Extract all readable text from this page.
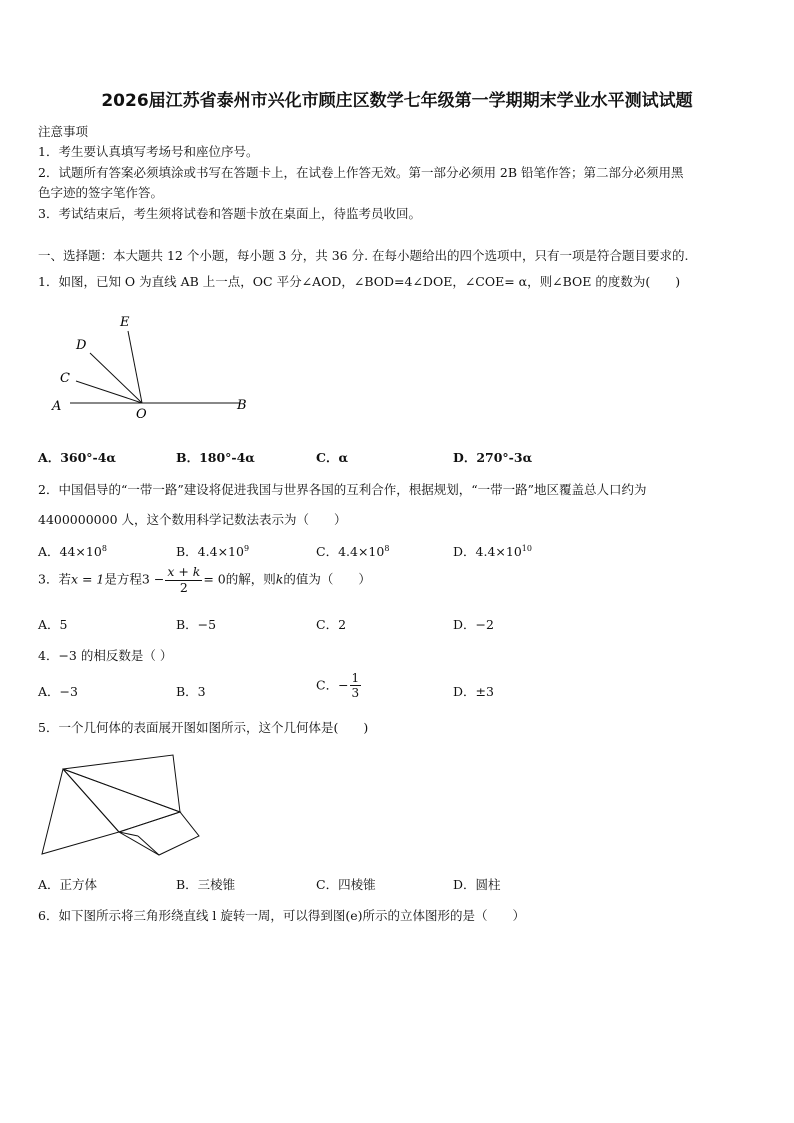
2026届江苏省泰州市兴化市顾庄区数学七年级第一学期期末学业水平测试试题
注意事项
1．考生要认真填写考场号和座位序号。
2．试题所有答案必须填涂或书写在答题卡上，在试卷上作答无效。第一部分必须用 2B 铅笔作答；第二部分必须用黑
色字迹的签字笔作答。
3．考试结束后，考生须将试卷和答题卡放在桌面上，待监考员收回。
一、选择题：本大题共 12 个小题，每小题 3 分，共 36 分. 在每小题给出的四个选项中，只有一项是符合题目要求的.
1．如图，已知 O 为直线 AB 上一点，OC 平分∠AOD，∠BOD=4∠DOE，∠COE= α，则∠BOE 的度数为(　　)
E
D
C
A
O
B
A．360°-4α	B．180°-4α	C．α	D．270°-3α
2．中国倡导的“一带一路”建设将促进我国与世界各国的互利合作，根据规划，“一带一路”地区覆盖总人口约为
4400000000 人，这个数用科学记数法表示为（　　）
A．$44\times 10^8$	B．$4.4\times 10^9$	C．$4.4\times 10^8$	D．$4.4\times 10^{10}$
3．若x = 1是方程$3 - \frac{x + k}{2} = 0$的解，则k的值为（　　）
A．5	B．−5	C．2	D．−2
4．−3 的相反数是（ ）
A．−3	B．3	C．− $\frac{1}{3}$	D．±3
5．一个几何体的表面展开图如图所示，这个几何体是(　　)
A．正方体	B．三棱锥	C．四棱锥	D．圆柱
6．如下图所示将三角形绕直线 l 旋转一周，可以得到图(e)所示的立体图形的是（　　）
